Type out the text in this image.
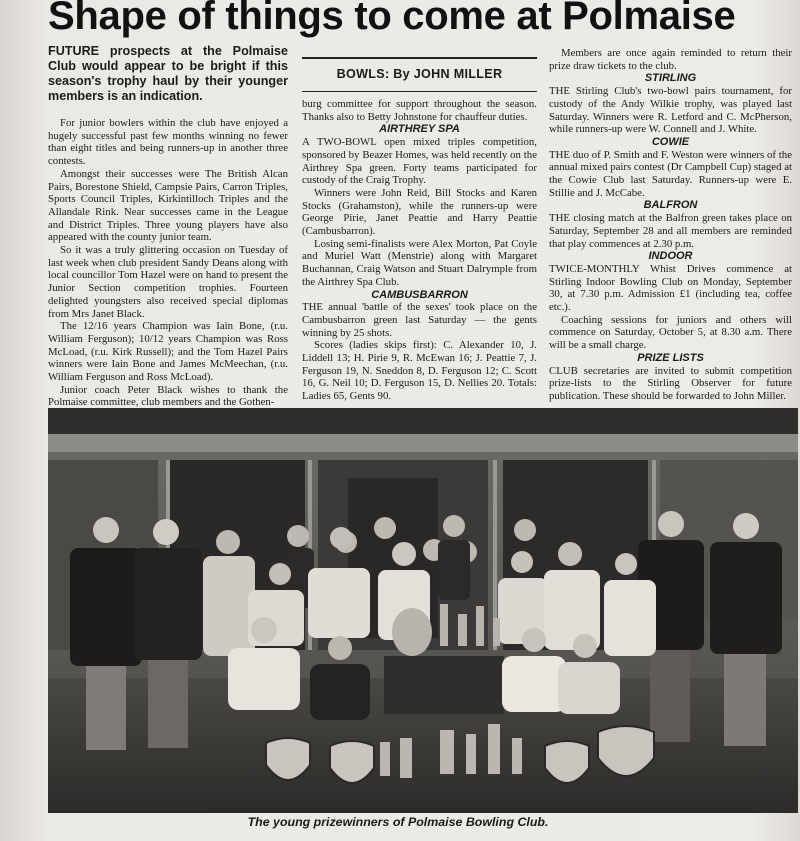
Shape of things to come at Polmaise
FUTURE prospects at the Polmaise Club would appear to be bright if this season's trophy haul by their younger members is an indication.

For junior bowlers within the club have enjoyed a hugely successful past few months winning no fewer than eight titles and being runners-up in another three contests.

Amongst their successes were The British Alcan Pairs, Borestone Shield, Campsie Pairs, Carron Triples, Sports Council Triples, Kirkintilloch Triples and the Allandale Rink. Near successes came in the League and District Triples. Three young players have also appeared with the county junior team.

So it was a truly glittering occasion on Tuesday of last week when club president Sandy Deans along with local councillor Tom Hazel were on hand to present the Junior Section competition trophies. Fourteen delighted youngsters also received special diplomas from Mrs Janet Black.

The 12/16 years Champion was Iain Bone, (r.u. William Ferguson); 10/12 years Champion was Ross McLoad, (r.u. Kirk Russell); and the Tom Hazel Pairs winners were Iain Bone and James McMeechan, (r.u. William Ferguson and Ross McLoad).

Junior coach Peter Black wishes to thank the Polmaise committee, club members and the Gothen-

BOWLS: By JOHN MILLER

burg committee for support throughout the season. Thanks also to Betty Johnstone for chauffeur duties.

AIRTHREY SPA

A TWO-BOWL open mixed triples competition, sponsored by Beazer Homes, was held recently on the Airthrey Spa green. Forty teams participated for custody of the Craig Trophy.

Winners were John Reid, Bill Stocks and Karen Stocks (Grahamston), while the runners-up were George Pirie, Janet Peattie and Harry Peattie (Cambusbarron).

Losing semi-finalists were Alex Morton, Pat Coyle and Muriel Watt (Menstrie) along with Margaret Buchannan, Craig Watson and Stuart Dalrymple from the Airthrey Spa Club.

CAMBUSBARRON

THE annual 'battle of the sexes' took place on the Cambusbarron green last Saturday — the gents winning by 25 shots.

Scores (ladies skips first): C. Alexander 10, J. Liddell 13; H. Pirie 9, R. McEwan 16; J. Peattie 7, J. Ferguson 19, N. Sneddon 8, D. Ferguson 12; C. Scott 16, G. Neil 10; D. Ferguson 15, D. Nellies 20. Totals: Ladies 65, Gents 90.

Members are once again reminded to return their prize draw tickets to the club.

STIRLING

THE Stirling Club's two-bowl pairs tournament, for custody of the Andy Wilkie trophy, was played last Saturday. Winners were R. Letford and C. McPherson, while runners-up were W. Connell and J. White.

COWIE

THE duo of P. Smith and F. Weston were winners of the annual mixed pairs contest (Dr Campbell Cup) staged at the Cowie Club last Saturday. Runners-up were E. Stillie and J. McCabe.

BALFRON

THE closing match at the Balfron green takes place on Saturday, September 28 and all members are reminded that play commences at 2.30 p.m.

INDOOR

TWICE-MONTHLY Whist Drives commence at Stirling Indoor Bowling Club on Monday, September 30, at 7.30 p.m. Admission £1 (including tea, coffee etc.).

Coaching sessions for juniors and others will commence on Saturday, October 5, at 8.30 a.m. There will be a small charge.

PRIZE LISTS

CLUB secretaries are invited to submit competition prize-lists to the Stirling Observer for future publication. These should be forwarded to John Miller.

The young prizewinners of Polmaise Bowling Club.
